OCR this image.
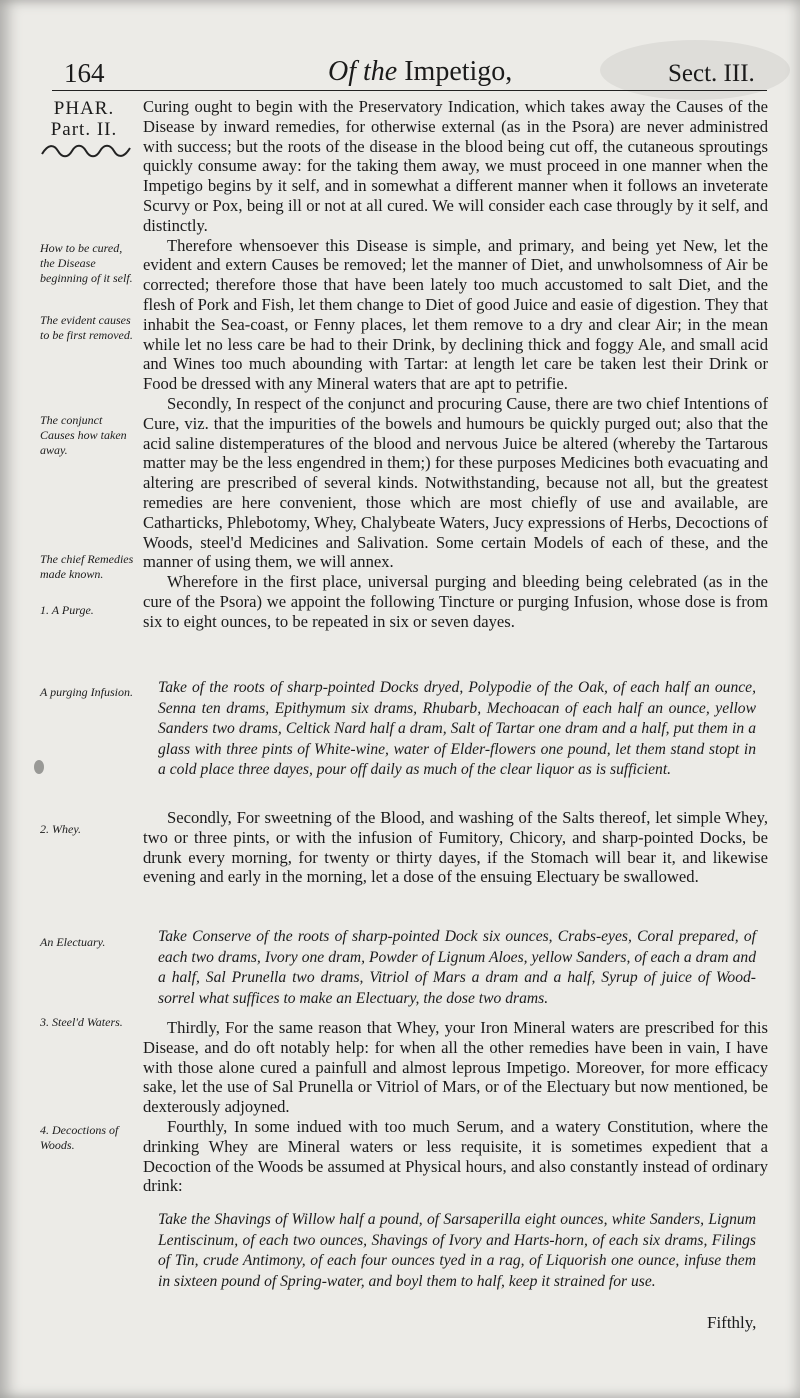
164	Of the Impetigo,	Sect. III.
PHAR.
Part. II.
How to be cured, the Disease beginning of it self.
The evident causes to be first removed.
The conjunct Causes how taken away.
The chief Remedies made known.
1. A Purge.
A purging Infusion.
2. Whey.
An Electuary.
3. Steel'd Waters.
4. Decoctions of Woods.

Curing ought to begin with the Preservatory Indication, which takes away the Causes of the Disease by inward remedies, for otherwise external (as in the Psora) are never administred with success; but the roots of the disease in the blood being cut off, the cutaneous sproutings quickly consume away: for the taking them away, we must proceed in one manner when the Impetigo begins by it self, and in somewhat a different manner when it follows an inveterate Scurvy or Pox, being ill or not at all cured. We will consider each case througly by it self, and distinctly.

Therefore whensoever this Disease is simple, and primary, and being yet New, let the evident and extern Causes be removed; let the manner of Diet, and unwholsomness of Air be corrected; therefore those that have been lately too much accustomed to salt Diet, and the flesh of Pork and Fish, let them change to Diet of good Juice and easie of digestion. They that inhabit the Sea-coast, or Fenny places, let them remove to a dry and clear Air; in the mean while let no less care be had to their Drink, by declining thick and foggy Ale, and small acid and Wines too much abounding with Tartar: at length let care be taken lest their Drink or Food be dressed with any Mineral waters that are apt to petrifie.

Secondly, In respect of the conjunct and procuring Cause, there are two chief Intentions of Cure, viz. that the impurities of the bowels and humours be quickly purged out; also that the acid saline distemperatures of the blood and nervous Juice be altered (whereby the Tartarous matter may be the less engendred in them;) for these purposes Medicines both evacuating and altering are prescribed of several kinds. Notwithstanding, because not all, but the greatest remedies are here convenient, those which are most chiefly of use and available, are Catharticks, Phlebotomy, Whey, Chalybeate Waters, Jucy expressions of Herbs, Decoctions of Woods, steel'd Medicines and Salivation. Some certain Models of each of these, and the manner of using them, we will annex.

Wherefore in the first place, universal purging and bleeding being celebrated (as in the cure of the Psora) we appoint the following Tincture or purging Infusion, whose dose is from six to eight ounces, to be repeated in six or seven dayes.

Take of the roots of sharp-pointed Docks dryed, Polypodie of the Oak, of each half an ounce, Senna ten drams, Epithymum six drams, Rhubarb, Mechoacan of each half an ounce, yellow Sanders two drams, Celtick Nard half a dram, Salt of Tartar one dram and a half, put them in a glass with three pints of White-wine, water of Elder-flowers one pound, let them stand stopt in a cold place three dayes, pour off daily as much of the clear liquor as is sufficient.

Secondly, For sweetning of the Blood, and washing of the Salts thereof, let simple Whey, two or three pints, or with the infusion of Fumitory, Chicory, and sharp-pointed Docks, be drunk every morning, for twenty or thirty dayes, if the Stomach will bear it, and likewise evening and early in the morning, let a dose of the ensuing Electuary be swallowed.

Take Conserve of the roots of sharp-pointed Dock six ounces, Crabs-eyes, Coral prepared, of each two drams, Ivory one dram, Powder of Lignum Aloes, yellow Sanders, of each a dram and a half, Sal Prunella two drams, Vitriol of Mars a dram and a half, Syrup of juice of Wood-sorrel what suffices to make an Electuary, the dose two drams.

Thirdly, For the same reason that Whey, your Iron Mineral waters are prescribed for this Disease, and do oft notably help: for when all the other remedies have been in vain, I have with those alone cured a painfull and almost leprous Impetigo. Moreover, for more efficacy sake, let the use of Sal Prunella or Vitriol of Mars, or of the Electuary but now mentioned, be dexterously adjoyned.

Fourthly, In some indued with too much Serum, and a watery Constitution, where the drinking Whey are Mineral waters or less requisite, it is sometimes expedient that a Decoction of the Woods be assumed at Physical hours, and also constantly instead of ordinary drink:

Take the Shavings of Willow half a pound, of Sarsaperilla eight ounces, white Sanders, Lignum Lentiscinum, of each two ounces, Shavings of Ivory and Harts-horn, of each six drams, Filings of Tin, crude Antimony, of each four ounces tyed in a rag, of Liquorish one ounce, infuse them in sixteen pound of Spring-water, and boyl them to half, keep it strained for use.
Fifthly,
